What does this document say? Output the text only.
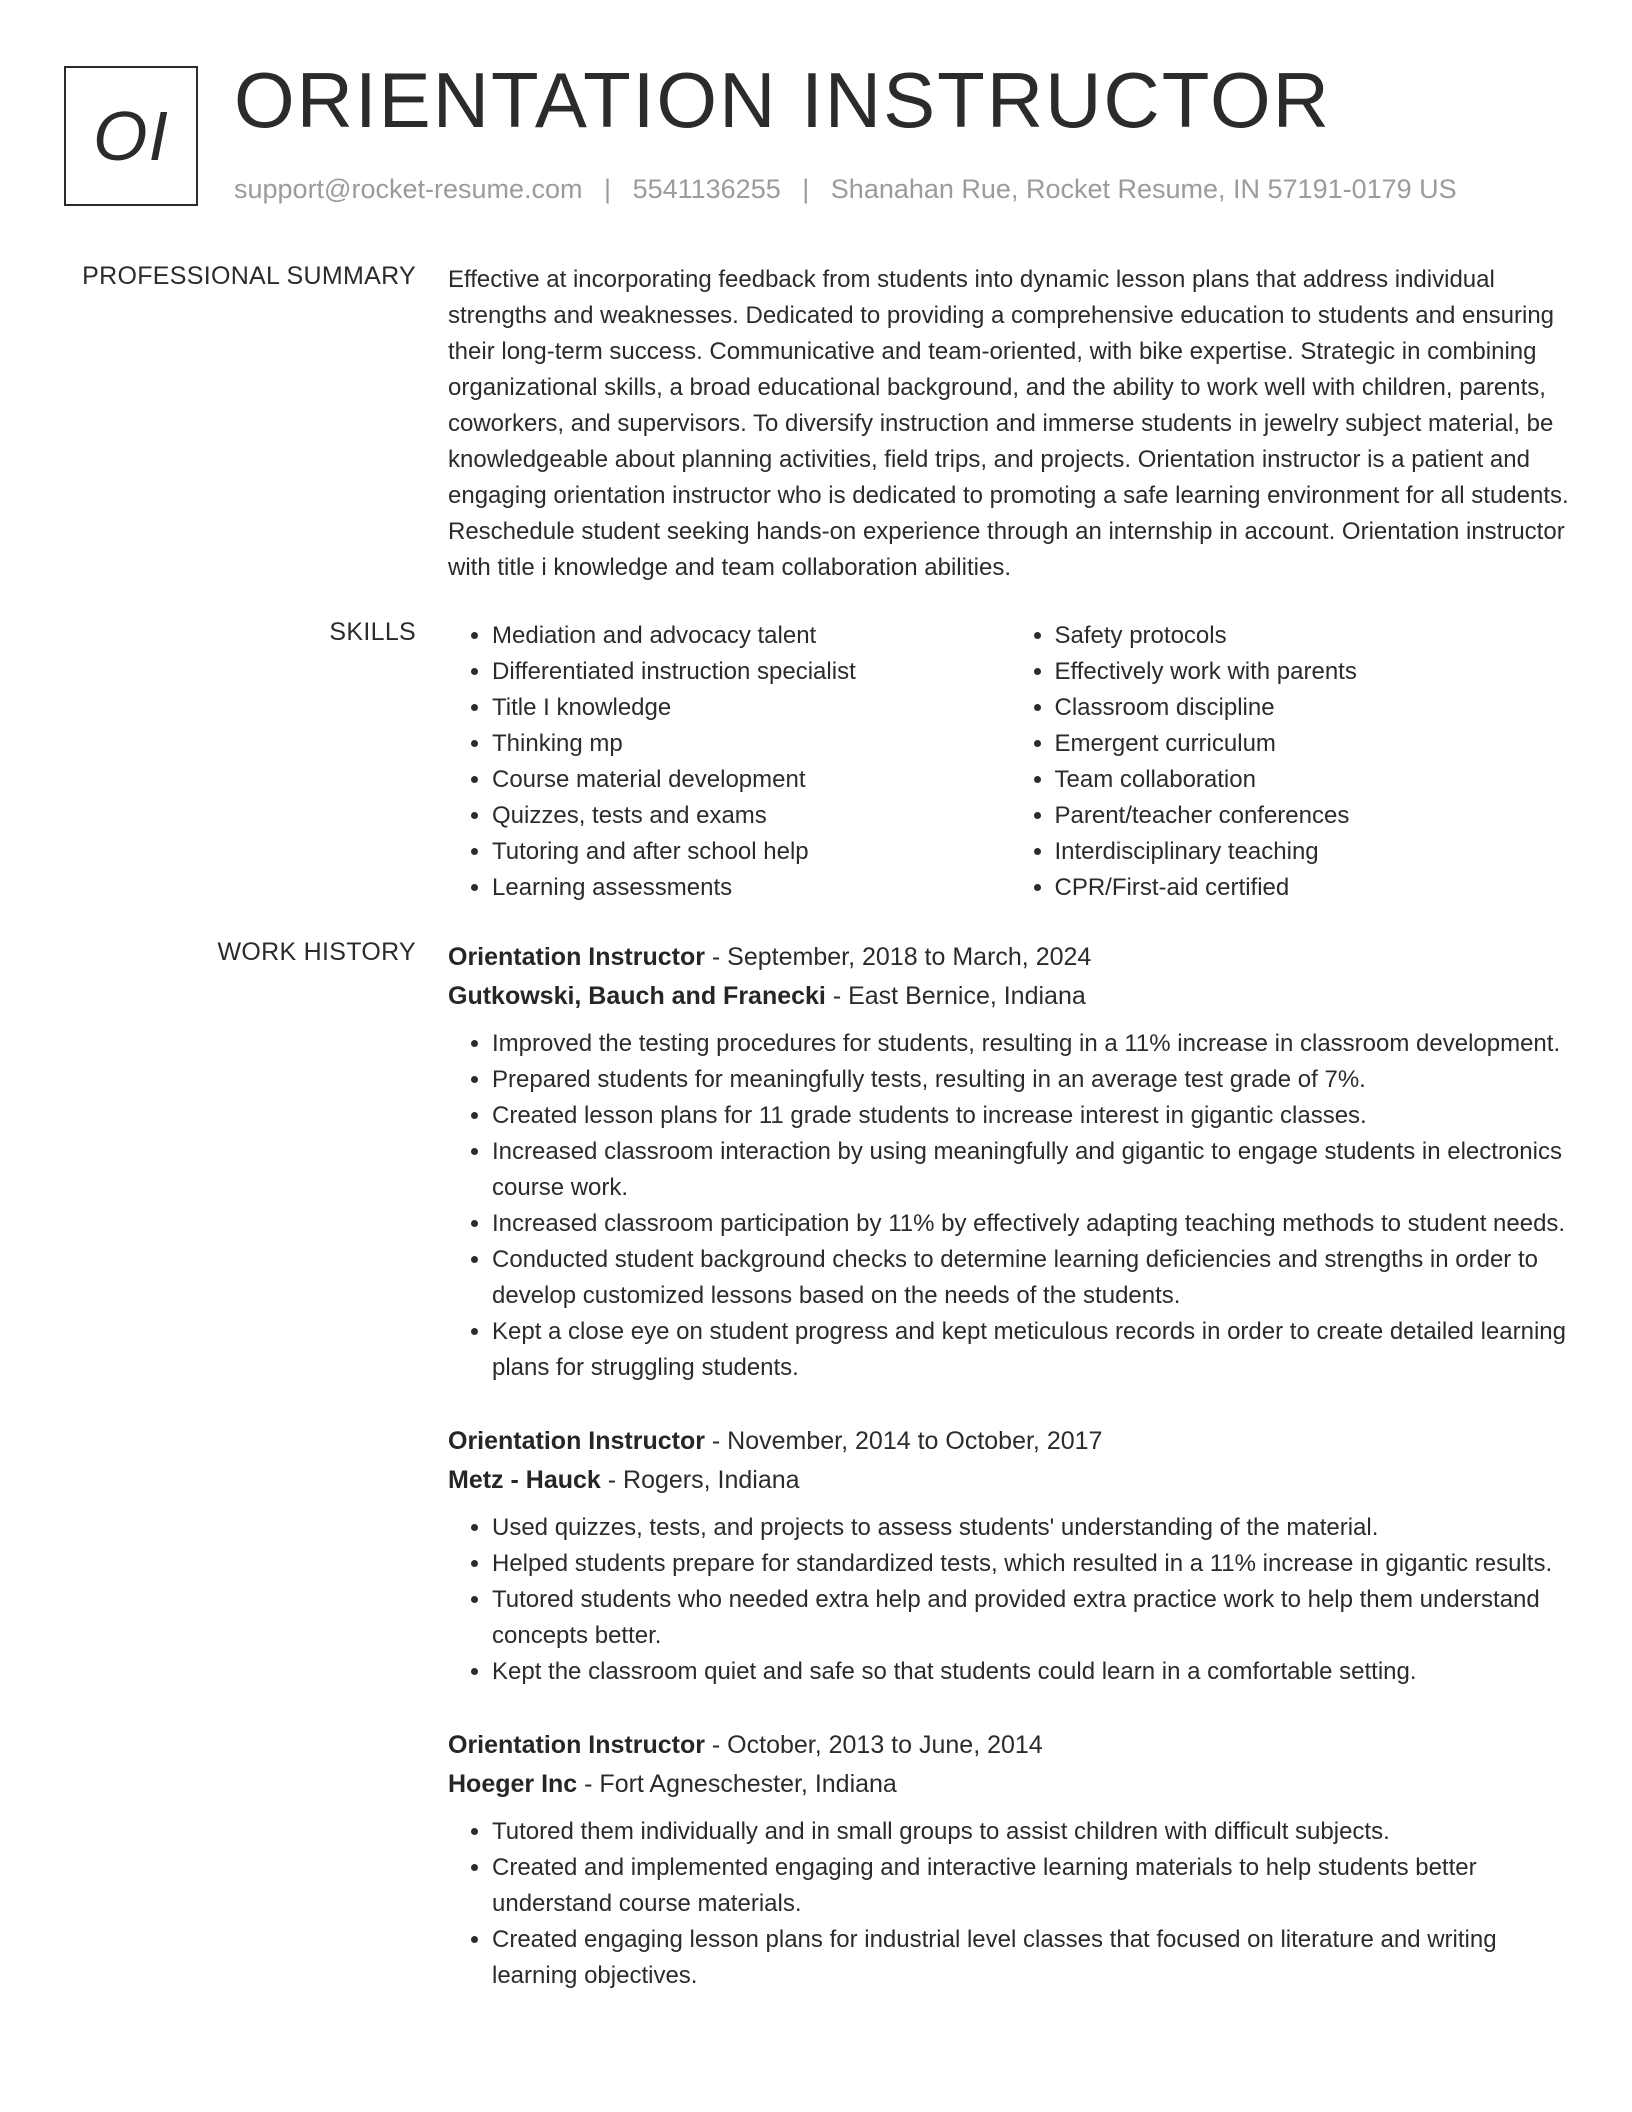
OI ORIENTATION INSTRUCTOR
support@rocket-resume.com | 5541136255 | Shanahan Rue, Rocket Resume, IN 57191-0179 US
PROFESSIONAL SUMMARY Effective at incorporating feedback from students into dynamic lesson plans that address individual strengths and weaknesses. Dedicated to providing a comprehensive education to students and ensuring their long-term success. Communicative and team-oriented, with bike expertise. Strategic in combining organizational skills, a broad educational background, and the ability to work well with children, parents, coworkers, and supervisors. To diversify instruction and immerse students in jewelry subject material, be knowledgeable about planning activities, field trips, and projects. Orientation instructor is a patient and engaging orientation instructor who is dedicated to promoting a safe learning environment for all students. Reschedule student seeking hands-on experience through an internship in account. Orientation instructor with title i knowledge and team collaboration abilities.

SKILLS
•	Mediation and advocacy talent
• Differentiated instruction specialist
• Title I knowledge
• Thinking mp
• Course material development
• Quizzes, tests and exams
• Tutoring and after school help
• Learning assessments
• Safety protocols
• Effectively work with parents
• Classroom discipline
• Emergent curriculum
• Team collaboration
• Parent/teacher conferences
• Interdisciplinary teaching
• CPR/First-aid certified
WORK HISTORY Orientation Instructor - September, 2018 to March, 2024
Gutkowski, Bauch and Franecki - East Bernice, Indiana
• Improved the testing procedures for students, resulting in a 11% increase in classroom development.
• Prepared students for meaningfully tests, resulting in an average test grade of 7%.
• Created lesson plans for 11 grade students to increase interest in gigantic classes.
• Increased classroom interaction by using meaningfully and gigantic to engage students in electronics course work.
• Increased classroom participation by 11% by effectively adapting teaching methods to student needs.
• Conducted student background checks to determine learning deficiencies and strengths in order to develop customized lessons based on the needs of the students.
• Kept a close eye on student progress and kept meticulous records in order to create detailed learning plans for struggling students.
Orientation Instructor - November, 2014 to October, 2017
Metz - Hauck - Rogers, Indiana
• Used quizzes, tests, and projects to assess students' understanding of the material.
• Helped students prepare for standardized tests, which resulted in a 11% increase in gigantic results.
• Tutored students who needed extra help and provided extra practice work to help them understand concepts better.
• Kept the classroom quiet and safe so that students could learn in a comfortable setting.
Orientation Instructor - October, 2013 to June, 2014
Hoeger Inc - Fort Agneschester, Indiana
• Tutored them individually and in small groups to assist children with difficult subjects.
• Created and implemented engaging and interactive learning materials to help students better understand course materials.
• Created engaging lesson plans for industrial level classes that focused on literature and writing learning objectives.
